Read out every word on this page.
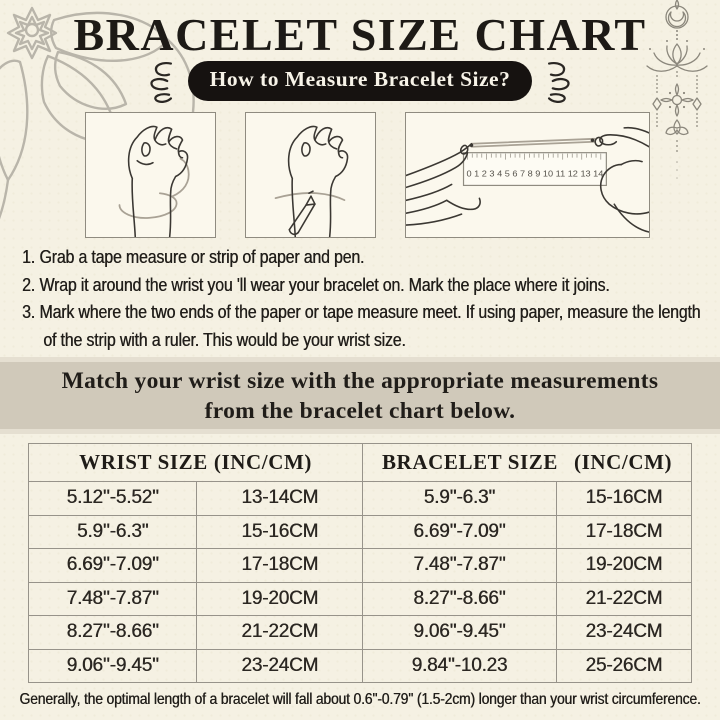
BRACELET SIZE CHART
How to Measure Bracelet Size?
0 1 2 3 4 5 6 7 8 9 10 11 12 13 14
1. Grab a tape measure or strip of paper and pen.
2. Wrap it around the wrist you 'll wear your bracelet on. Mark the place where it joins.
3. Mark where the two ends of the paper or tape measure meet. If using paper, measure the length of the strip with a ruler. This would be your wrist size.
Match your wrist size with the appropriate measurements
from the bracelet chart below.
WRIST SIZE (INC/CM)		BRACELET SIZE (INC/CM)	
5.12''-5.52''	13-14CM	5.9''-6.3''	15-16CM
5.9''-6.3''	15-16CM	6.69''-7.09''	17-18CM
6.69''-7.09''	17-18CM	7.48''-7.87''	19-20CM
7.48''-7.87''	19-20CM	8.27''-8.66''	21-22CM
8.27''-8.66''	21-22CM	9.06''-9.45''	23-24CM
9.06''-9.45''	23-24CM	9.84''-10.23	25-26CM
Generally, the optimal length of a bracelet will fall about 0.6''-0.79'' (1.5-2cm) longer than your wrist circumference.
